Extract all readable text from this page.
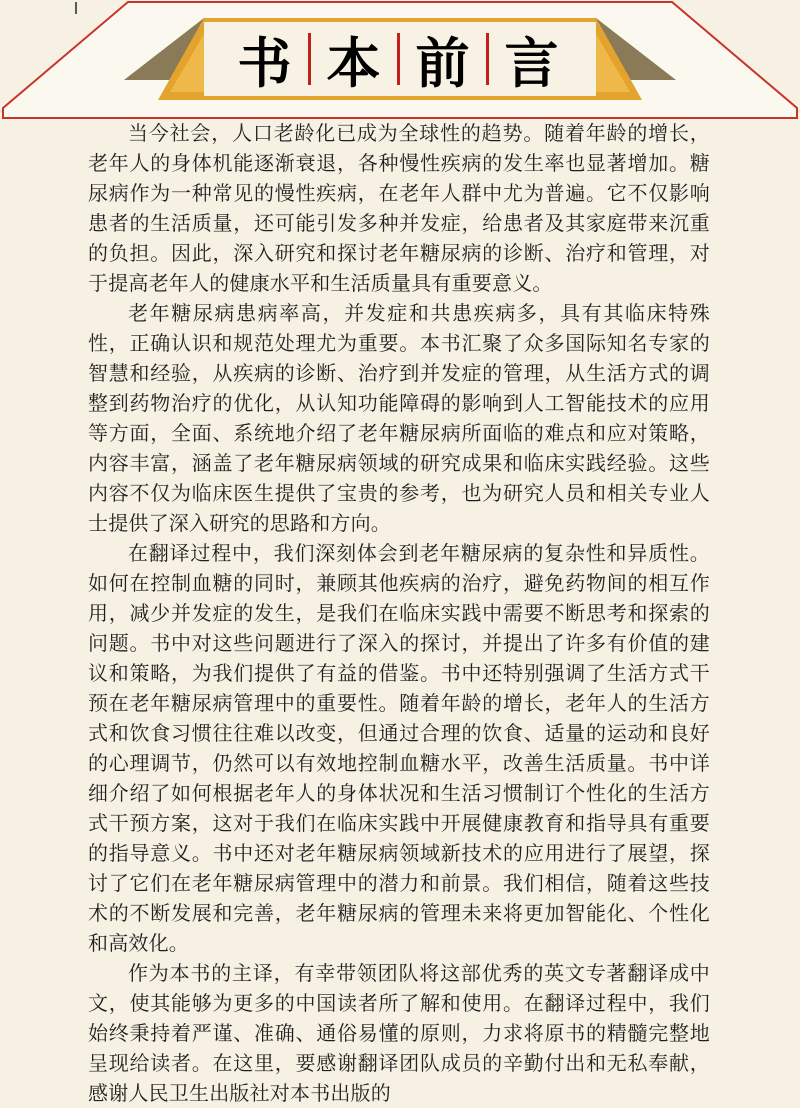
书 本 前 言

当今社会，人口老龄化已成为全球性的趋势。随着年龄的增长，老年人的身体机能逐渐衰退，各种慢性疾病的发生率也显著增加。糖尿病作为一种常见的慢性疾病，在老年人群中尤为普遍。它不仅影响患者的生活质量，还可能引发多种并发症，给患者及其家庭带来沉重的负担。因此，深入研究和探讨老年糖尿病的诊断、治疗和管理，对于提高老年人的健康水平和生活质量具有重要意义。

老年糖尿病患病率高，并发症和共患疾病多，具有其临床特殊性，正确认识和规范处理尤为重要。本书汇聚了众多国际知名专家的智慧和经验，从疾病的诊断、治疗到并发症的管理，从生活方式的调整到药物治疗的优化，从认知功能障碍的影响到人工智能技术的应用等方面，全面、系统地介绍了老年糖尿病所面临的难点和应对策略，内容丰富，涵盖了老年糖尿病领域的研究成果和临床实践经验。这些内容不仅为临床医生提供了宝贵的参考，也为研究人员和相关专业人士提供了深入研究的思路和方向。

在翻译过程中，我们深刻体会到老年糖尿病的复杂性和异质性。如何在控制血糖的同时，兼顾其他疾病的治疗，避免药物间的相互作用，减少并发症的发生，是我们在临床实践中需要不断思考和探索的问题。书中对这些问题进行了深入的探讨，并提出了许多有价值的建议和策略，为我们提供了有益的借鉴。书中还特别强调了生活方式干预在老年糖尿病管理中的重要性。随着年龄的增长，老年人的生活方式和饮食习惯往往难以改变，但通过合理的饮食、适量的运动和良好的心理调节，仍然可以有效地控制血糖水平，改善生活质量。书中详细介绍了如何根据老年人的身体状况和生活习惯制订个性化的生活方式干预方案，这对于我们在临床实践中开展健康教育和指导具有重要的指导意义。书中还对老年糖尿病领域新技术的应用进行了展望，探讨了它们在老年糖尿病管理中的潜力和前景。我们相信，随着这些技术的不断发展和完善，老年糖尿病的管理未来将更加智能化、个性化和高效化。

作为本书的主译，有幸带领团队将这部优秀的英文专著翻译成中文，使其能够为更多的中国读者所了解和使用。在翻译过程中，我们始终秉持着严谨、准确、通俗易懂的原则，力求将原书的精髓完整地呈现给读者。在这里，要感谢翻译团队成员的辛勤付出和无私奉献，感谢人民卫生出版社对本书出版的
